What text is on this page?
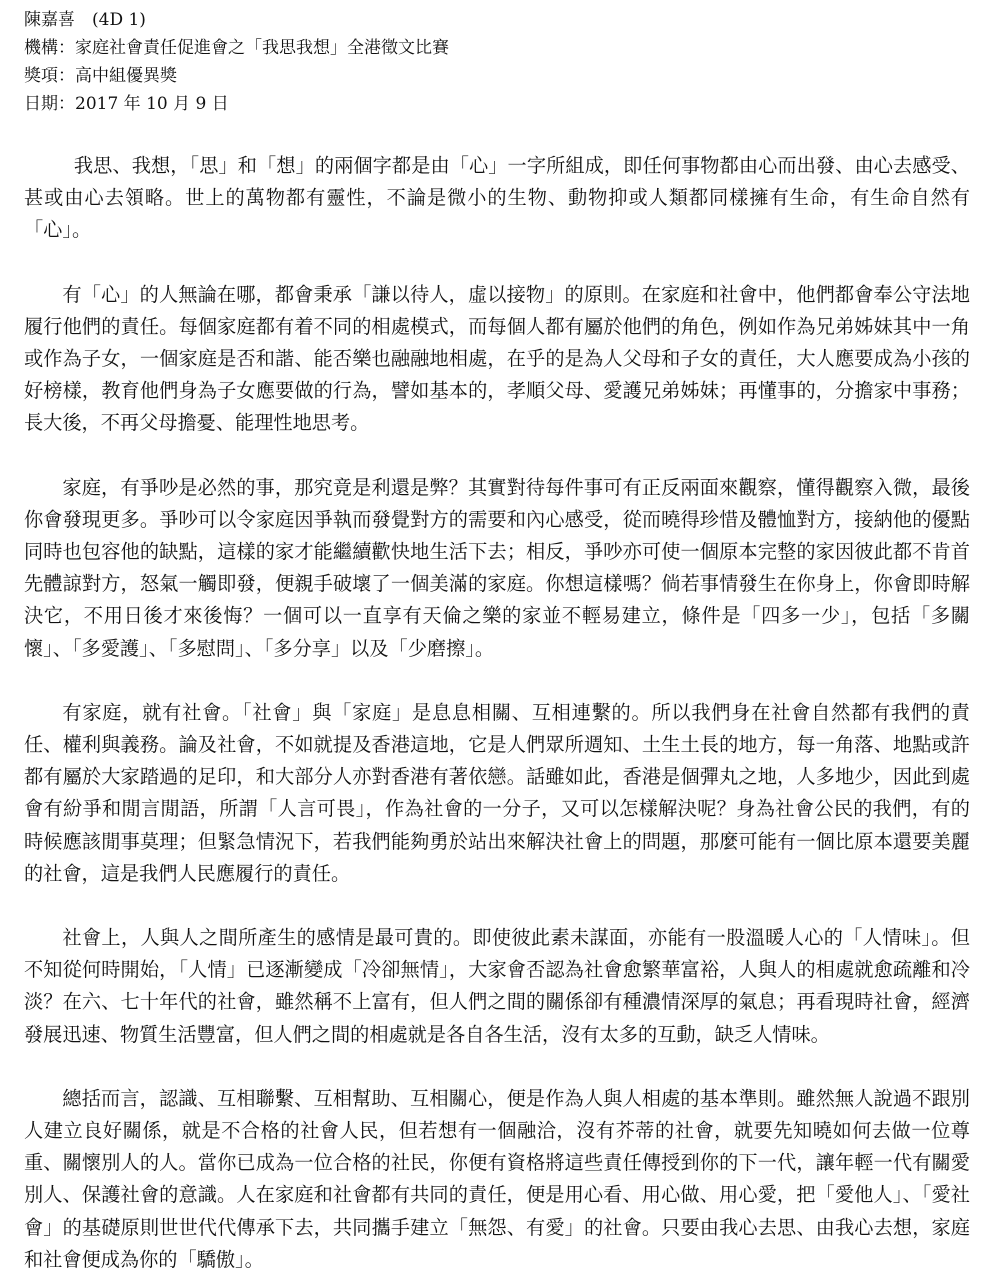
陳嘉喜　(4D 1)
機構：家庭社會責任促進會之「我思我想」全港徵文比賽
獎項：高中組優異獎
日期：2017 年 10 月 9 日

我思、我想，「思」和「想」的兩個字都是由「心」一字所組成，即任何事物都由心而出發、由心去感受、甚或由心去領略。世上的萬物都有靈性，不論是微小的生物、動物抑或人類都同樣擁有生命，有生命自然有「心」。

有「心」的人無論在哪，都會秉承「謙以待人，虛以接物」的原則。在家庭和社會中，他們都會奉公守法地履行他們的責任。每個家庭都有着不同的相處模式，而每個人都有屬於他們的角色，例如作為兄弟姊妹其中一角或作為子女，一個家庭是否和諧、能否樂也融融地相處，在乎的是為人父母和子女的責任，大人應要成為小孩的好榜樣，教育他們身為子女應要做的行為，譬如基本的，孝順父母、愛護兄弟姊妹；再懂事的，分擔家中事務；長大後，不再父母擔憂、能理性地思考。

家庭，有爭吵是必然的事，那究竟是利還是弊？其實對待每件事可有正反兩面來觀察，懂得觀察入微，最後你會發現更多。爭吵可以令家庭因爭執而發覺對方的需要和內心感受，從而曉得珍惜及體恤對方，接納他的優點同時也包容他的缺點，這樣的家才能繼續歡快地生活下去；相反，爭吵亦可使一個原本完整的家因彼此都不肯首先體諒對方，怒氣一觸即發，便親手破壞了一個美滿的家庭。你想這樣嗎？倘若事情發生在你身上，你會即時解決它，不用日後才來後悔？一個可以一直享有天倫之樂的家並不輕易建立，條件是「四多一少」，包括「多關懷」、「多愛護」、「多慰問」、「多分享」以及「少磨擦」。

有家庭，就有社會。「社會」與「家庭」是息息相關、互相連繫的。所以我們身在社會自然都有我們的責任、權利與義務。論及社會，不如就提及香港這地，它是人們眾所週知、土生土長的地方，每一角落、地點或許都有屬於大家踏過的足印，和大部分人亦對香港有著依戀。話雖如此，香港是個彈丸之地，人多地少，因此到處會有紛爭和閒言閒語，所謂「人言可畏」，作為社會的一分子，又可以怎樣解決呢？身為社會公民的我們，有的時候應該閒事莫理；但緊急情況下，若我們能夠勇於站出來解決社會上的問題，那麼可能有一個比原本還要美麗的社會，這是我們人民應履行的責任。

社會上，人與人之間所產生的感情是最可貴的。即使彼此素未謀面，亦能有一股溫暖人心的「人情味」。但不知從何時開始，「人情」已逐漸變成「冷卻無情」，大家會否認為社會愈繁華富裕，人與人的相處就愈疏離和冷淡？在六、七十年代的社會，雖然稱不上富有，但人們之間的關係卻有種濃情深厚的氣息；再看現時社會，經濟發展迅速、物質生活豐富，但人們之間的相處就是各自各生活，沒有太多的互動，缺乏人情味。

總括而言，認識、互相聯繫、互相幫助、互相關心，便是作為人與人相處的基本準則。雖然無人說過不跟別人建立良好關係，就是不合格的社會人民，但若想有一個融洽，沒有芥蒂的社會，就要先知曉如何去做一位尊重、關懷別人的人。當你已成為一位合格的社民，你便有資格將這些責任傳授到你的下一代，讓年輕一代有關愛別人、保護社會的意識。人在家庭和社會都有共同的責任，便是用心看、用心做、用心愛，把「愛他人」、「愛社會」的基礎原則世世代代傳承下去，共同攜手建立「無怨、有愛」的社會。只要由我心去思、由我心去想，家庭和社會便成為你的「驕傲」。
